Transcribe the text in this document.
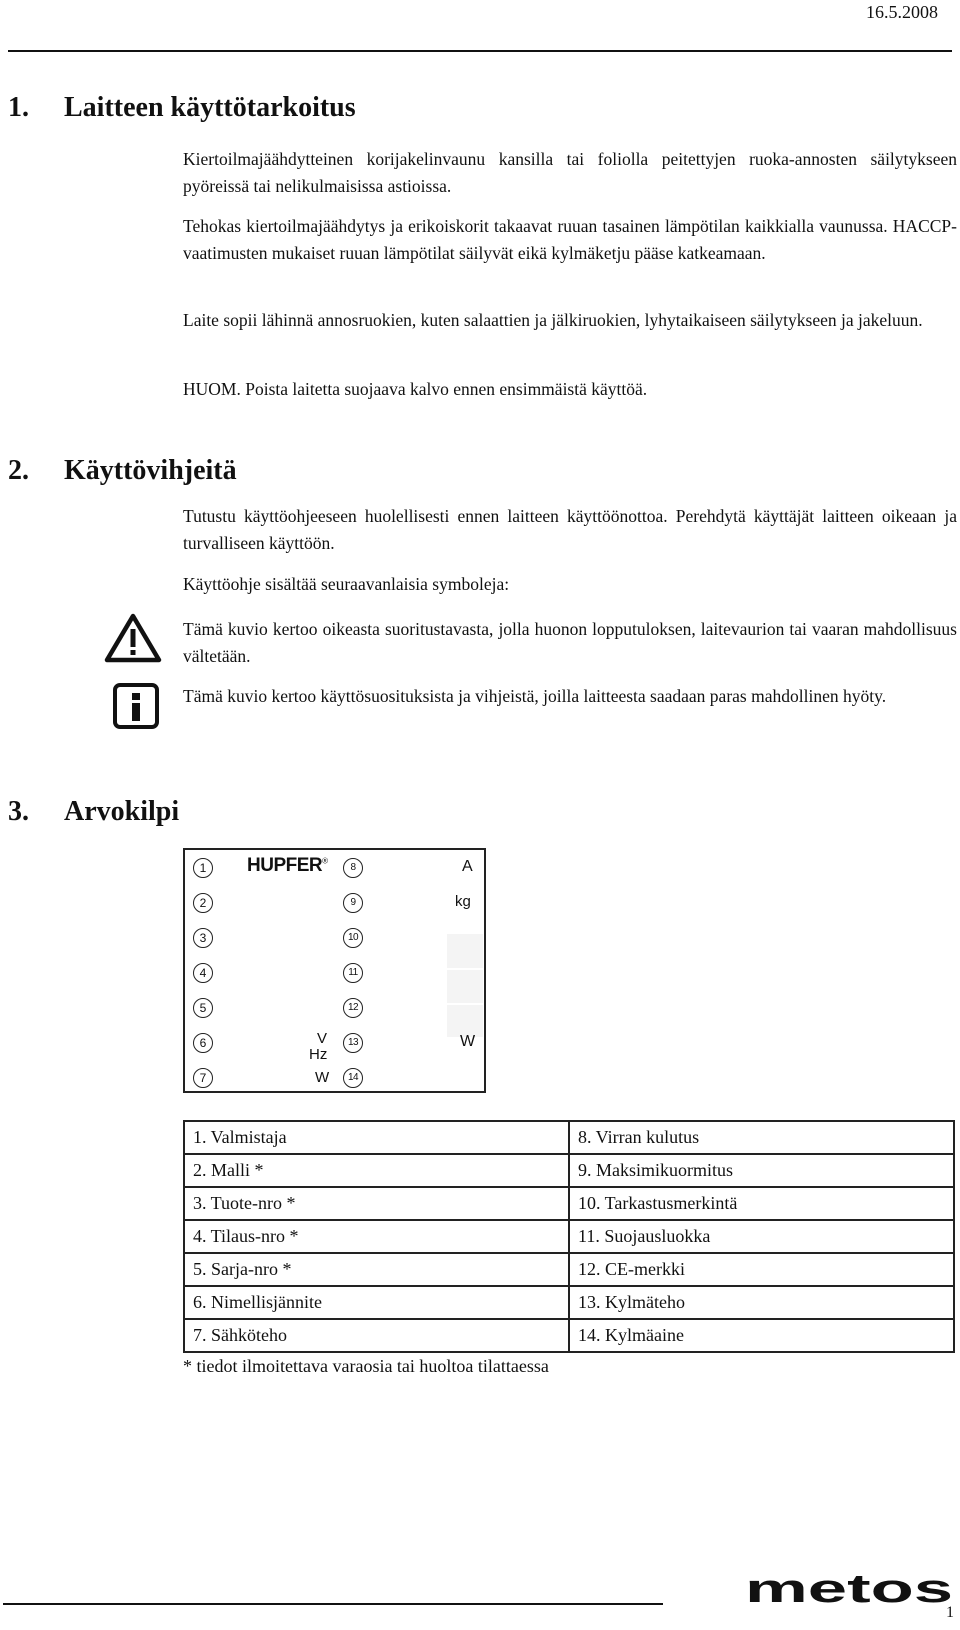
16.5.2008
1. Laitteen käyttötarkoitus
Kiertoilmajäähdytteinen korijakelinvaunu kansilla tai foliolla peitettyjen ruoka-annosten säilytykseen pyöreissä tai nelikulmaisissa astioissa.
Tehokas kiertoilmajäähdytys ja erikoiskorit takaavat ruuan tasainen lämpötilan kaikkialla vaunussa. HACCP-vaatimusten mukaiset ruuan lämpötilat säilyvät eikä kylmäketju pääse katkeamaan.
Laite sopii lähinnä annosruokien, kuten salaattien ja jälkiruokien, lyhytaikaiseen säilytykseen ja jakeluun.
HUOM. Poista laitetta suojaava kalvo ennen ensimmäistä käyttöä.
2. Käyttövihjeitä
Tutustu käyttöohjeeseen huolellisesti ennen laitteen käyttöönottoa. Perehdytä käyttäjät laitteen oikeaan ja turvalliseen käyttöön.
Käyttöohje sisältää seuraavanlaisia symboleja:
Tämä kuvio kertoo oikeasta suoritustavasta, jolla huonon lopputuloksen, laitevaurion tai vaaran mahdollisuus vältetään.
Tämä kuvio kertoo käyttösuosituksista ja vihjeistä, joilla laitteesta saadaan paras mahdollinen hyöty.
3. Arvokilpi
1
2
3
4
5
6
7
HUPFER®
V
Hz
W
8
9
10
11
12
13
14
A
kg
W
1. Valmistaja	8. Virran kulutus
2. Malli *	9. Maksimikuormitus
3. Tuote-nro *	10. Tarkastusmerkintä
4. Tilaus-nro *	11. Suojausluokka
5. Sarja-nro *	12. CE-merkki
6. Nimellisjännite	13. Kylmäteho
7. Sähköteho	14. Kylmäaine
* tiedot ilmoitettava varaosia tai huoltoa tilattaessa
metos
1
